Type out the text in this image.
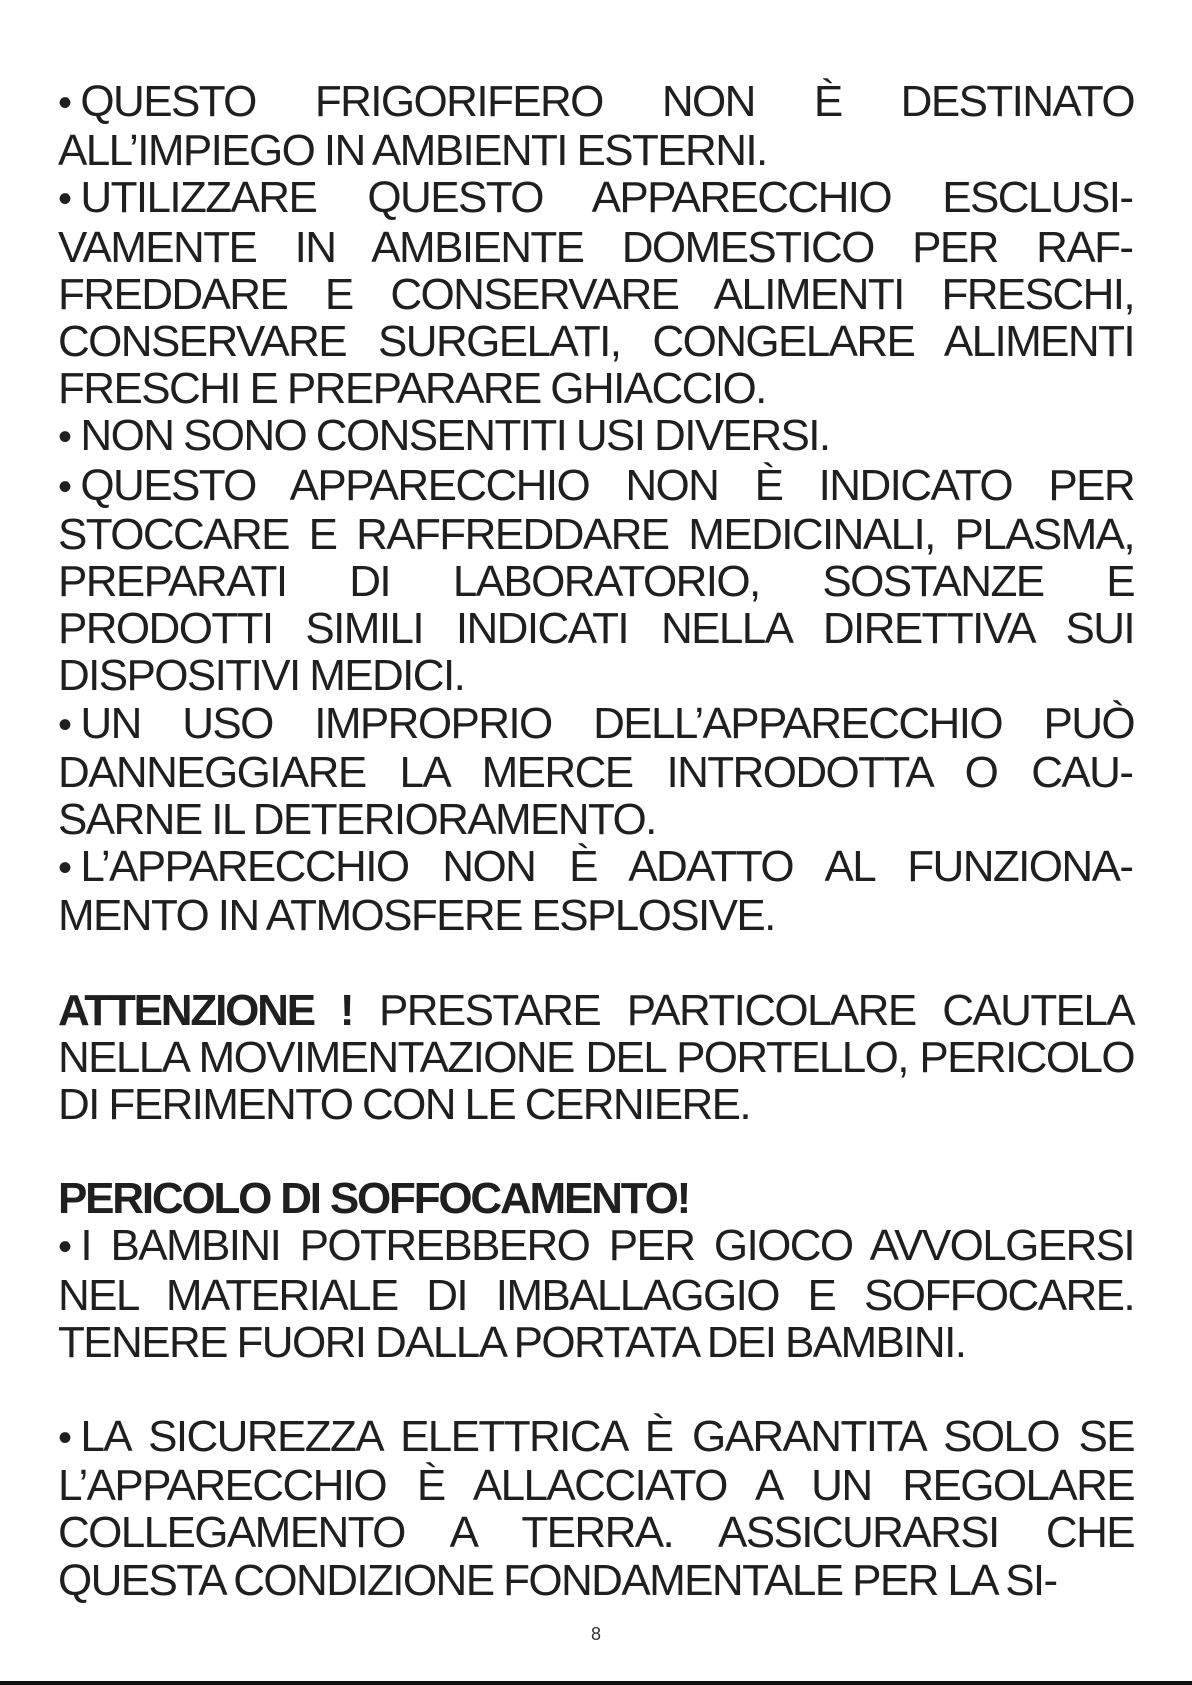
• QUESTO FRIGORIFERO NON È DESTINATO ALL’IMPIEGO IN AMBIENTI ESTERNI.

• UTILIZZARE QUESTO APPARECCHIO ESCLUSIVAMENTE IN AMBIENTE DOMESTICO PER RAFFREDDARE E CONSERVARE ALIMENTI FRESCHI, CONSERVARE SURGELATI, CONGELARE ALIMENTI FRESCHI E PREPARARE GHIACCIO.

• NON SONO CONSENTITI USI DIVERSI.

• QUESTO APPARECCHIO NON È INDICATO PER STOCCARE E RAFFREDDARE MEDICINALI, PLASMA, PREPARATI DI LABORATORIO, SOSTANZE E PRODOTTI SIMILI INDICATI NELLA DIRETTIVA SUI DISPOSITIVI MEDICI.

• UN USO IMPROPRIO DELL’APPARECCHIO PUÒ DANNEGGIARE LA MERCE INTRODOTTA O CAUSARNE IL DETERIORAMENTO.

• L’APPARECCHIO NON È ADATTO AL FUNZIONAMENTO IN ATMOSFERE ESPLOSIVE.

ATTENZIONE ! PRESTARE PARTICOLARE CAUTELA NELLA MOVIMENTAZIONE DEL PORTELLO, PERICOLO DI FERIMENTO CON LE CERNIERE.

PERICOLO DI SOFFOCAMENTO!

• I BAMBINI POTREBBERO PER GIOCO AVVOLGERSI NEL MATERIALE DI IMBALLAGGIO E SOFFOCARE. TENERE FUORI DALLA PORTATA DEI BAMBINI.

• LA SICUREZZA ELETTRICA È GARANTITA SOLO SE L’APPARECCHIO È ALLACCIATO A UN REGOLARE COLLEGAMENTO A TERRA. ASSICURARSI CHE QUESTA CONDIZIONE FONDAMENTALE PER LA SI-

8
